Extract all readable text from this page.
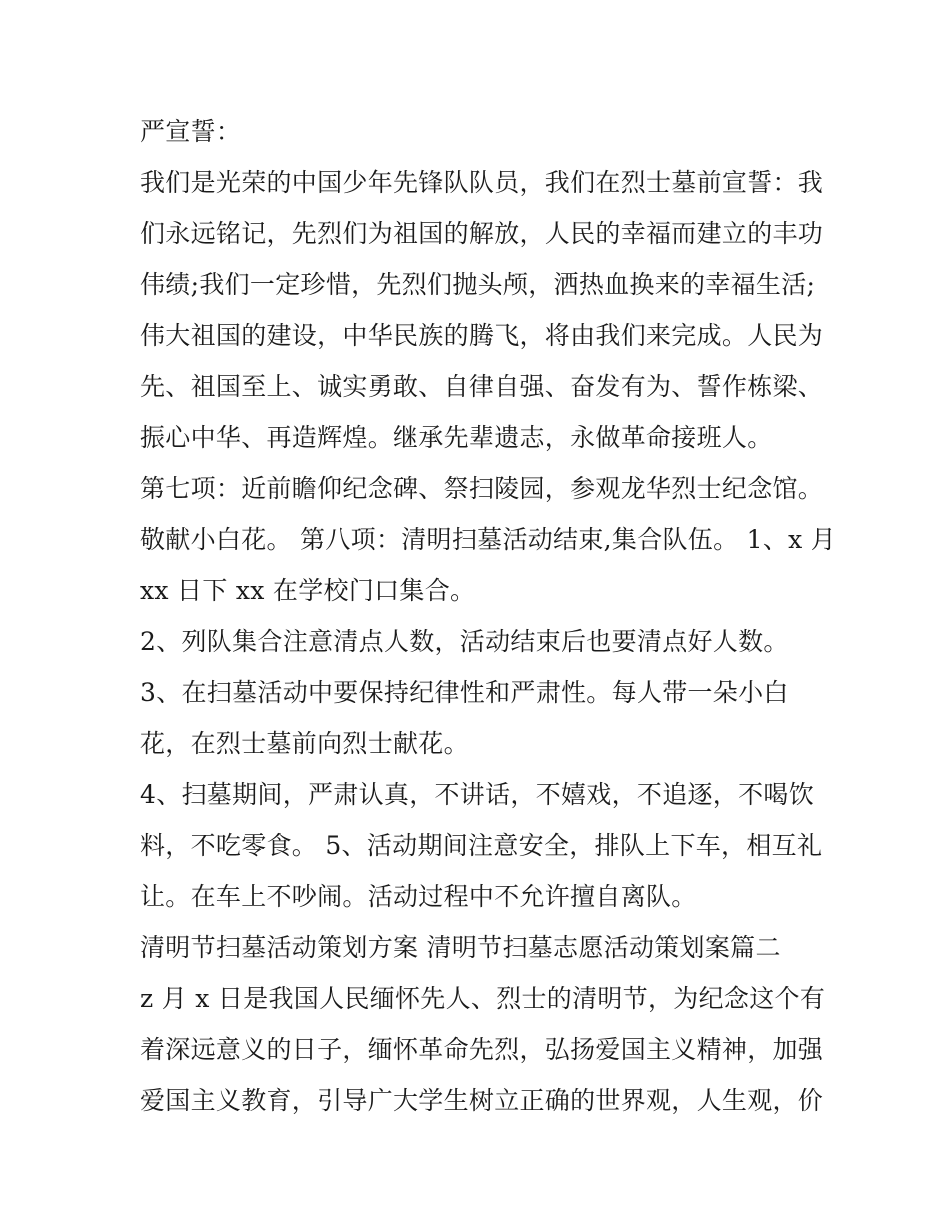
严宣誓：
我们是光荣的中国少年先锋队队员，我们在烈士墓前宣誓：我
们永远铭记，先烈们为祖国的解放，人民的幸福而建立的丰功
伟绩;我们一定珍惜，先烈们抛头颅，洒热血换来的幸福生活;
伟大祖国的建设，中华民族的腾飞，将由我们来完成。人民为
先、祖国至上、诚实勇敢、自律自强、奋发有为、誓作栋梁、
振心中华、再造辉煌。继承先辈遗志，永做革命接班人。
第七项：近前瞻仰纪念碑、祭扫陵园，参观龙华烈士纪念馆。
敬献小白花。 第八项：清明扫墓活动结束,集合队伍。 1、x 月
xx 日下 xx 在学校门口集合。
2、列队集合注意清点人数，活动结束后也要清点好人数。
3、在扫墓活动中要保持纪律性和严肃性。每人带一朵小白
花，在烈士墓前向烈士献花。
4、扫墓期间，严肃认真，不讲话，不嬉戏，不追逐，不喝饮
料，不吃零食。 5、活动期间注意安全，排队上下车，相互礼
让。在车上不吵闹。活动过程中不允许擅自离队。
清明节扫墓活动策划方案 清明节扫墓志愿活动策划案篇二
z 月 x 日是我国人民缅怀先人、烈士的清明节，为纪念这个有
着深远意义的日子，缅怀革命先烈，弘扬爱国主义精神，加强
爱国主义教育，引导广大学生树立正确的世界观，人生观，价
